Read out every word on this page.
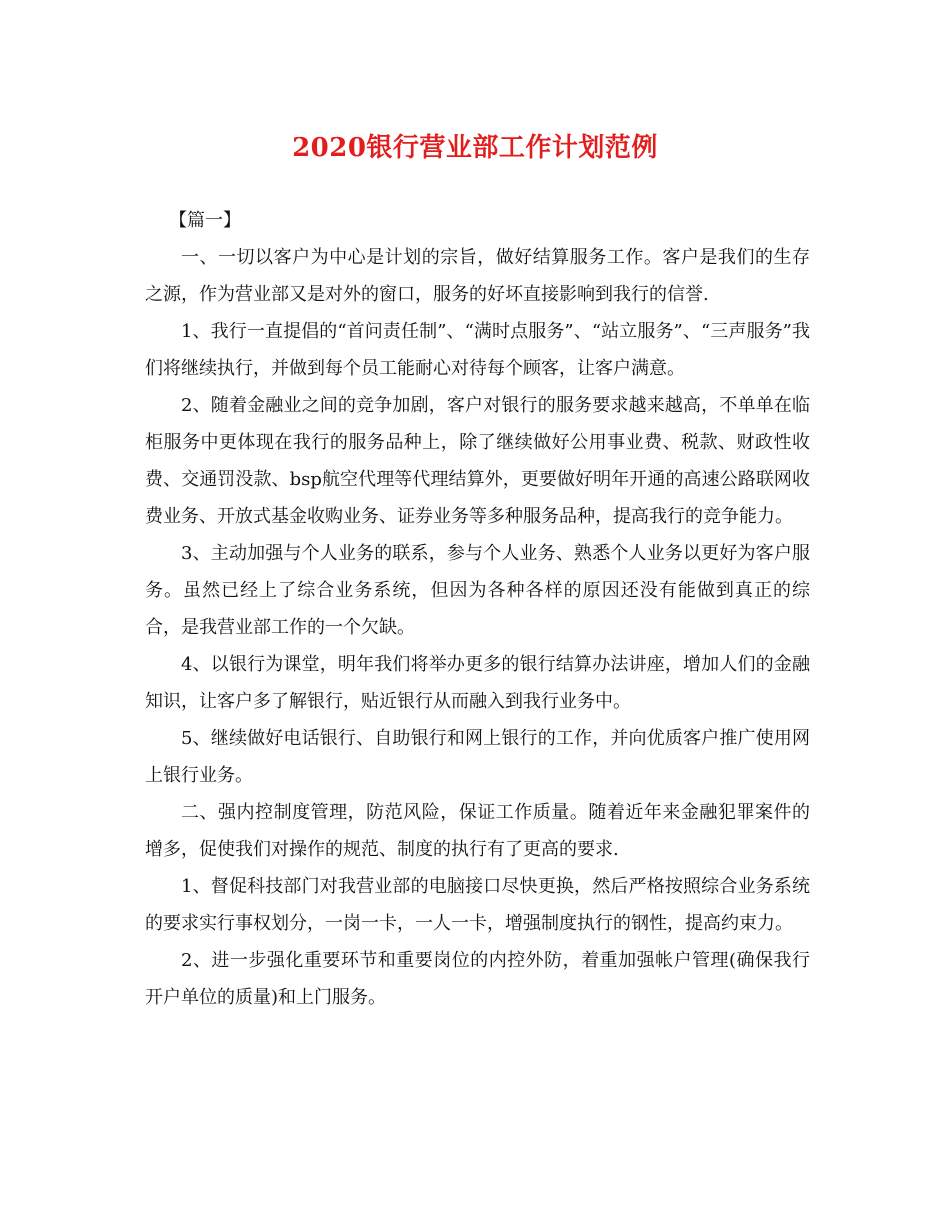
2020银行营业部工作计划范例

【篇一】

一、一切以客户为中心是计划的宗旨，做好结算服务工作。客户是我们的生存之源，作为营业部又是对外的窗口，服务的好坏直接影响到我行的信誉.

1、我行一直提倡的“首问责任制”、“满时点服务”、“站立服务”、“三声服务”我们将继续执行，并做到每个员工能耐心对待每个顾客，让客户满意。

2、随着金融业之间的竞争加剧，客户对银行的服务要求越来越高，不单单在临柜服务中更体现在我行的服务品种上，除了继续做好公用事业费、税款、财政性收费、交通罚没款、bsp航空代理等代理结算外，更要做好明年开通的高速公路联网收费业务、开放式基金收购业务、证券业务等多种服务品种，提高我行的竞争能力。

3、主动加强与个人业务的联系，参与个人业务、熟悉个人业务以更好为客户服务。虽然已经上了综合业务系统，但因为各种各样的原因还没有能做到真正的综合，是我营业部工作的一个欠缺。

4、以银行为课堂，明年我们将举办更多的银行结算办法讲座，增加人们的金融知识，让客户多了解银行，贴近银行从而融入到我行业务中。

5、继续做好电话银行、自助银行和网上银行的工作，并向优质客户推广使用网上银行业务。

二、强内控制度管理，防范风险，保证工作质量。随着近年来金融犯罪案件的增多，促使我们对操作的规范、制度的执行有了更高的要求.

1、督促科技部门对我营业部的电脑接口尽快更换，然后严格按照综合业务系统的要求实行事权划分，一岗一卡，一人一卡，增强制度执行的钢性，提高约束力。

2、进一步强化重要环节和重要岗位的内控外防，着重加强帐户管理(确保我行开户单位的质量)和上门服务。
